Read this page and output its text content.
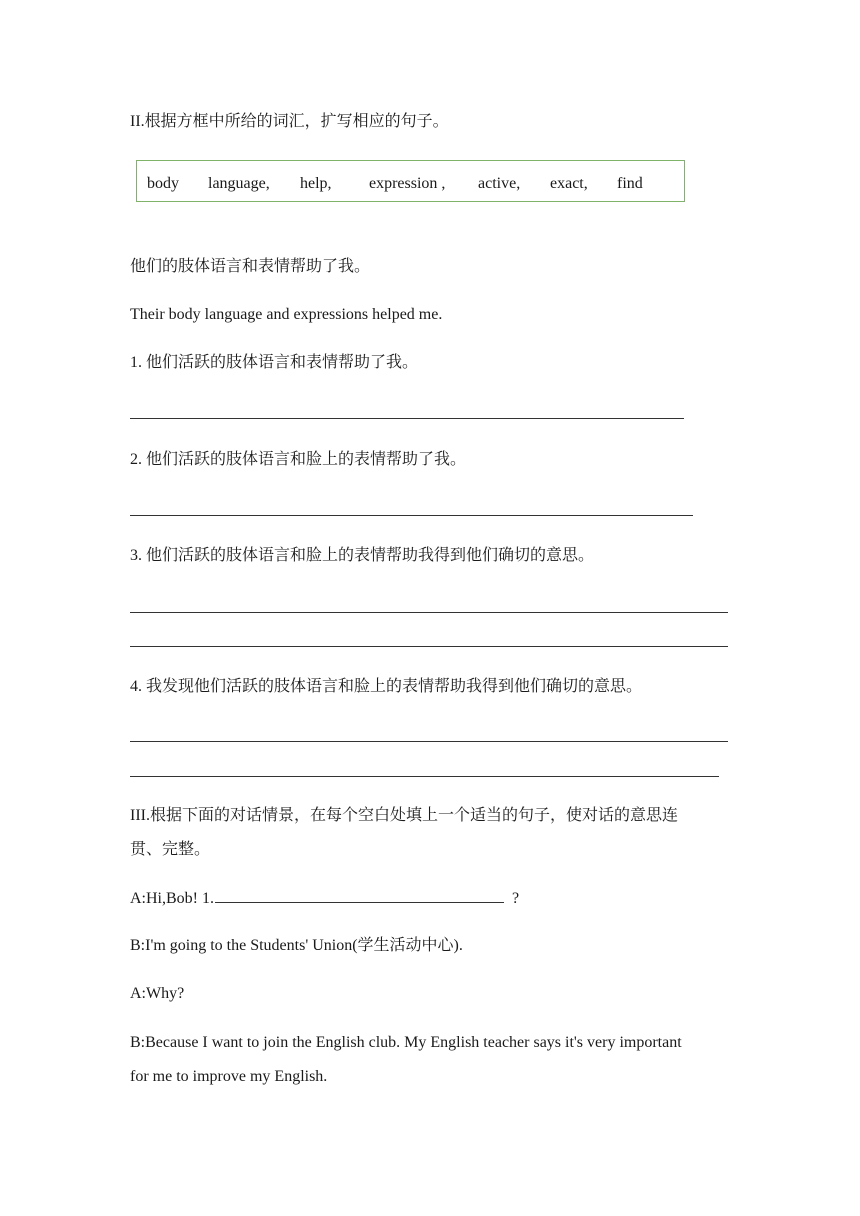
II.根据方框中所给的词汇，扩写相应的句子。
body language, help, expression , active, exact, find
他们的肢体语言和表情帮助了我。
Their body language and expressions helped me.
1. 他们活跃的肢体语言和表情帮助了我。
2. 他们活跃的肢体语言和脸上的表情帮助了我。
3. 他们活跃的肢体语言和脸上的表情帮助我得到他们确切的意思。
4. 我发现他们活跃的肢体语言和脸上的表情帮助我得到他们确切的意思。
III.根据下面的对话情景，在每个空白处填上一个适当的句子，使对话的意思连
贯、完整。
A:Hi,Bob! 1.	?
B:I'm going to the Students' Union(学生活动中心).
A:Why?
B:Because I want to join the English club. My English teacher says it's very important
for me to improve my English.
